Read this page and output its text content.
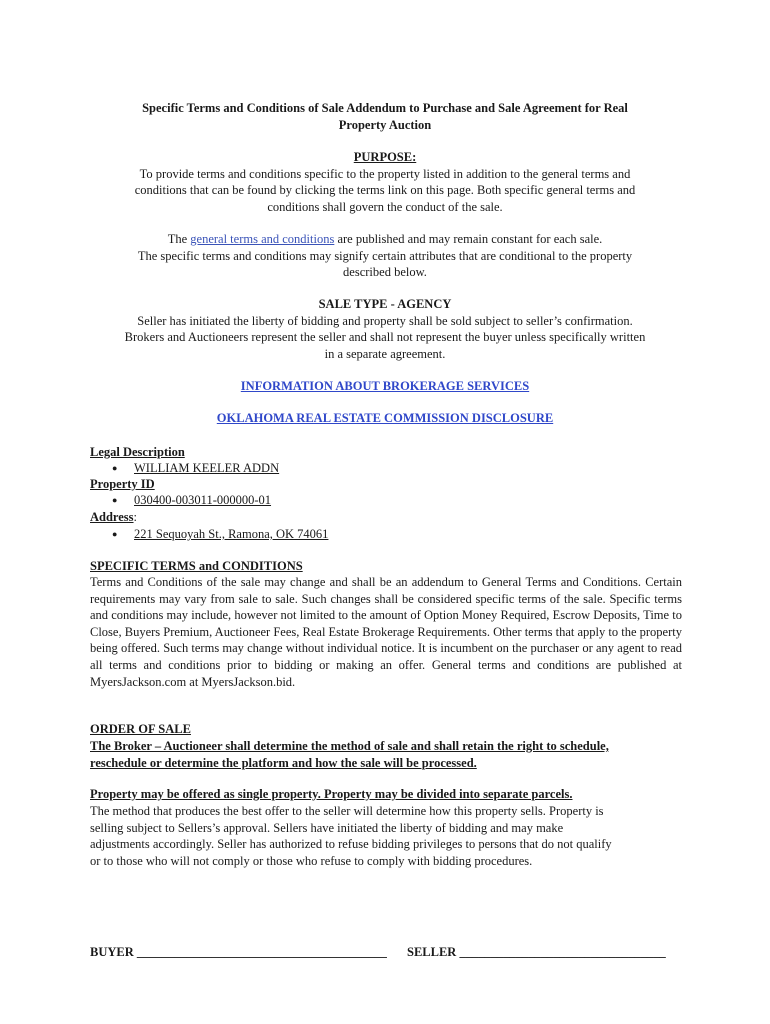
Specific Terms and Conditions of Sale Addendum to Purchase and Sale Agreement for Real
Property Auction
PURPOSE:
To provide terms and conditions specific to the property listed in addition to the general terms and
conditions that can be found by clicking the terms link on this page. Both specific general terms and
conditions shall govern the conduct of the sale.
The general terms and conditions are published and may remain constant for each sale.
The specific terms and conditions may signify certain attributes that are conditional to the property
described below.
SALE TYPE - AGENCY
Seller has initiated the liberty of bidding and property shall be sold subject to seller’s confirmation.
Brokers and Auctioneers represent the seller and shall not represent the buyer unless specifically written
in a separate agreement.
INFORMATION ABOUT BROKERAGE SERVICES
OKLAHOMA REAL ESTATE COMMISSION DISCLOSURE
Legal Description
● WILLIAM KEELER ADDN
Property ID
● 030400-003011-000000-01
Address:
● 221 Sequoyah St., Ramona, OK 74061
SPECIFIC TERMS and CONDITIONS
Terms and Conditions of the sale may change and shall be an addendum to General Terms and Conditions. Certain requirements may vary from sale to sale. Such changes shall be considered specific terms of the sale. Specific terms and conditions may include, however not limited to the amount of Option Money Required, Escrow Deposits, Time to Close, Buyers Premium, Auctioneer Fees, Real Estate Brokerage Requirements. Other terms that apply to the property being offered. Such terms may change without individual notice. It is incumbent on the purchaser or any agent to read all terms and conditions prior to bidding or making an offer. General terms and conditions are published at MyersJackson.com at MyersJackson.bid.
ORDER OF SALE
The Broker – Auctioneer shall determine the method of sale and shall retain the right to schedule,
reschedule or determine the platform and how the sale will be processed.
Property may be offered as single property. Property may be divided into separate parcels.
The method that produces the best offer to the seller will determine how this property sells. Property is
selling subject to Sellers’s approval. Sellers have initiated the liberty of bidding and may make
adjustments accordingly. Seller has authorized to refuse bidding privileges to persons that do not qualify
or to those who will not comply or those who refuse to comply with bidding procedures.
BUYER ________________________________________ SELLER _________________________________
